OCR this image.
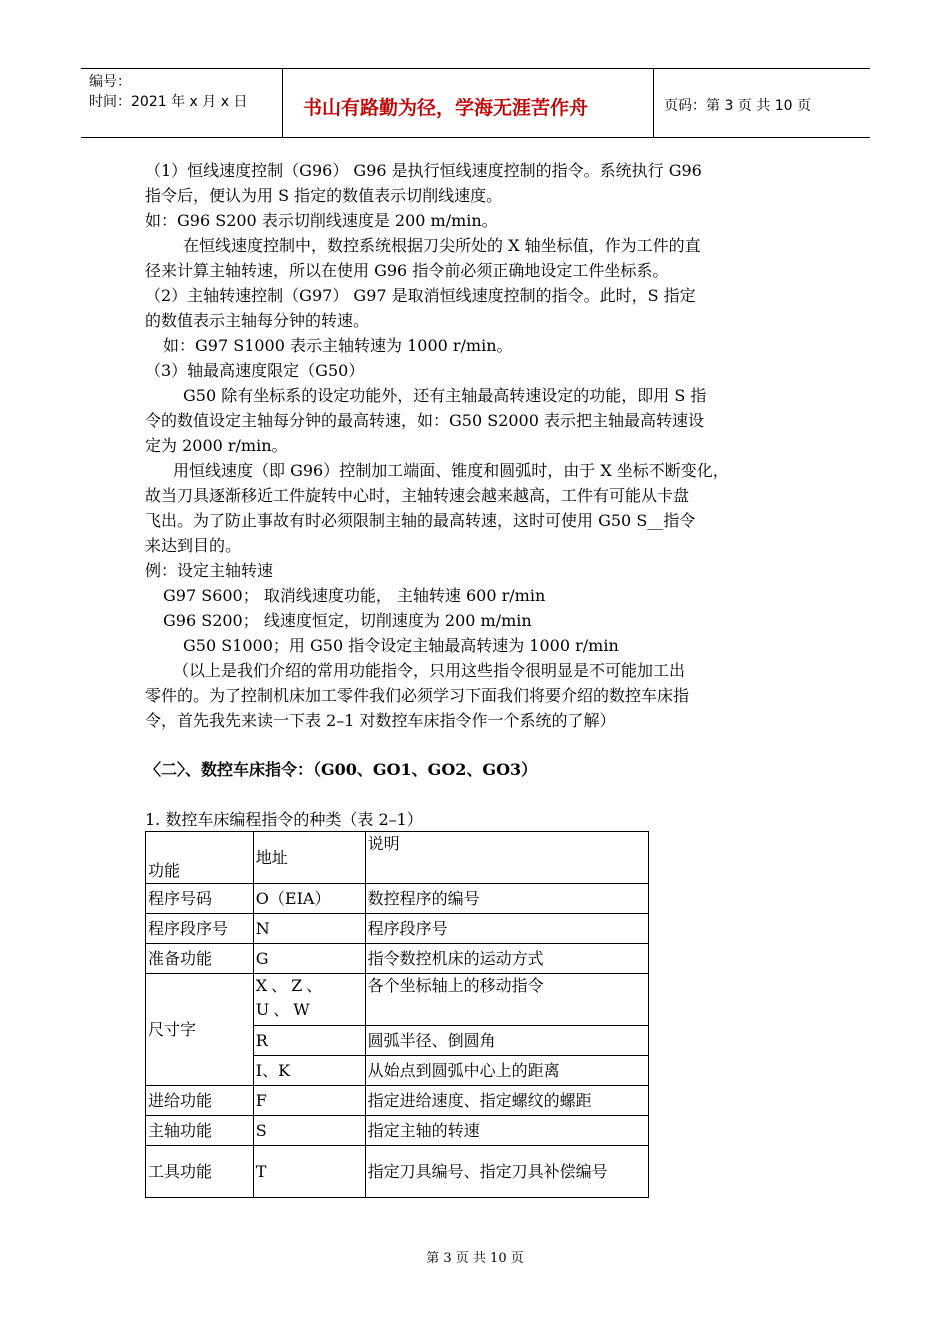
编号：
时间：2021 年 x 月 x 日	书山有路勤为径，学海无涯苦作舟	页码：第 3 页 共 10 页
（1）恒线速度控制（G96） G96 是执行恒线速度控制的指令。系统执行 G96
指令后，便认为用 S 指定的数值表示切削线速度。
如：G96 S200 表示切削线速度是 200 m/min。
在恒线速度控制中，数控系统根据刀尖所处的 X 轴坐标值，作为工件的直
径来计算主轴转速，所以在使用 G96 指令前必须正确地设定工件坐标系。
（2）主轴转速控制（G97） G97 是取消恒线速度控制的指令。此时，S 指定
的数值表示主轴每分钟的转速。
如：G97 S1000 表示主轴转速为 1000 r/min。
（3）轴最高速度限定（G50）
G50 除有坐标系的设定功能外，还有主轴最高转速设定的功能，即用 S 指
令的数值设定主轴每分钟的最高转速，如：G50 S2000 表示把主轴最高转速设
定为 2000 r/min。
用恒线速度（即 G96）控制加工端面、锥度和圆弧时，由于 X 坐标不断变化，
故当刀具逐渐移近工件旋转中心时，主轴转速会越来越高，工件有可能从卡盘
飞出。为了防止事故有时必须限制主轴的最高转速，这时可使用 G50 S__指令
来达到目的。
例：设定主轴转速
G97 S600； 取消线速度功能， 主轴转速 600 r/min
G96 S200； 线速度恒定，切削速度为 200 m/min
G50 S1000；用 G50 指令设定主轴最高转速为 1000 r/min
（以上是我们介绍的常用功能指令，只用这些指令很明显是不可能加工出
零件的。为了控制机床加工零件我们必须学习下面我们将要介绍的数控车床指
令，首先我先来读一下表 2–1 对数控车床指令作一个系统的了解）
〈二〉、数控车床指令：（G00、GO1、GO2、GO3）
1. 数控车床编程指令的种类（表 2–1）
功能	地址	说明
程序号码	O（EIA）	数控程序的编号
程序段序号	N	程序段序号
准备功能	G	指令数控机床的运动方式
尺寸字	X、Z、U、W	各个坐标轴上的移动指令
	R	圆弧半径、倒圆角
	I、K	从始点到圆弧中心上的距离
进给功能	F	指定进给速度、指定螺纹的螺距
主轴功能	S	指定主轴的转速
工具功能	T	指定刀具编号、指定刀具补偿编号
第 3 页 共 10 页
